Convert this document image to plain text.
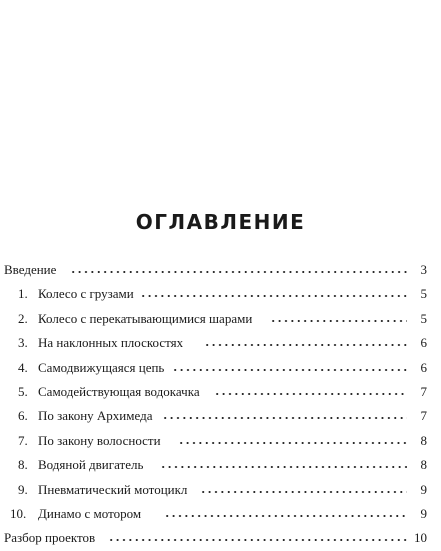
ОГЛАВЛЕНИЕ
Введение	3
1. Колесо с грузами	5
2. Колесо с перекатывающимися шарами	5
3. На наклонных плоскостях	6
4. Самодвижущаяся цепь	6
5. Самодействующая водокачка	7
6. По закону Архимеда	7
7. По закону волосности	8
8. Водяной двигатель	8
9. Пневматический мотоцикл	9
10. Динамо с мотором	9
Разбор проектов	10
